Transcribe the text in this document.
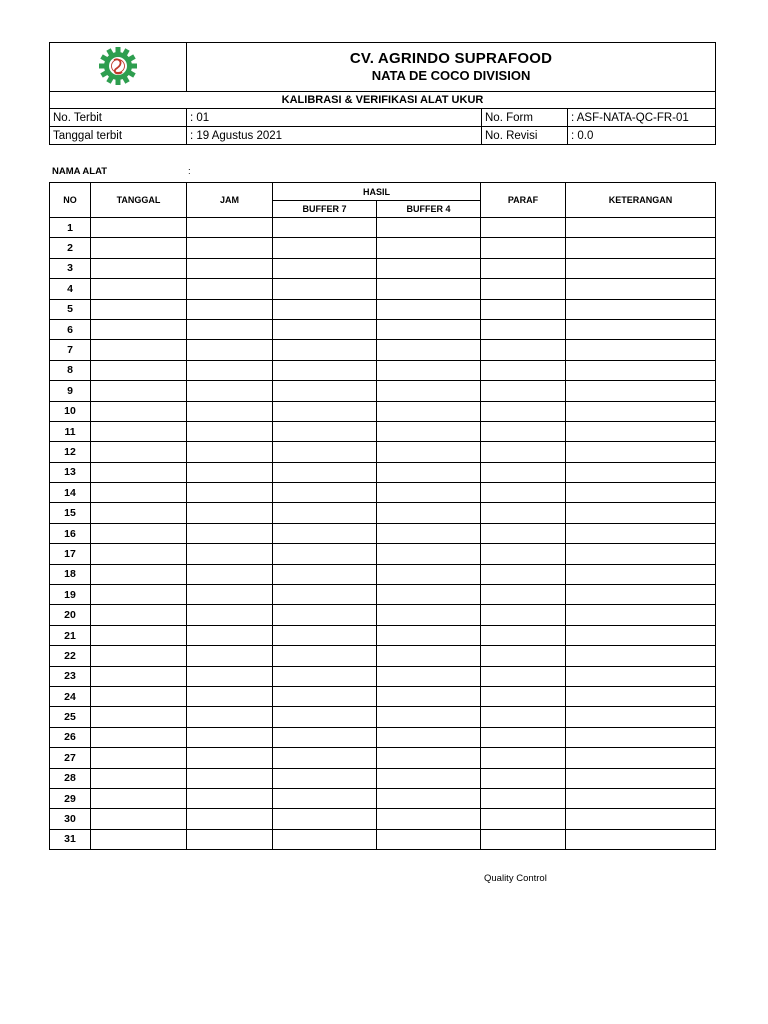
CV. AGRINDO SUPRAFOOD
NATA DE COCO DIVISION		

KALIBRASI & VERIFIKASI ALAT UKUR			
No. Terbit	: 01	No. Form	: ASF-NATA-QC-FR-01
Tanggal terbit	: 19 Agustus 2021	No. Revisi	: 0.0
NAMA ALAT	:
NO	TANGGAL	JAM	HASIL		PARAF	KETERANGAN
			BUFFER 7	BUFFER 4		
1						
2						
3						
4						
5						
6						
7						
8						
9						
10						
11						
12						
13						
14						
15						
16						
17						
18						
19						
20						
21						
22						
23						
24						
25						
26						
27						
28						
29						
30						
31						
Quality Control
